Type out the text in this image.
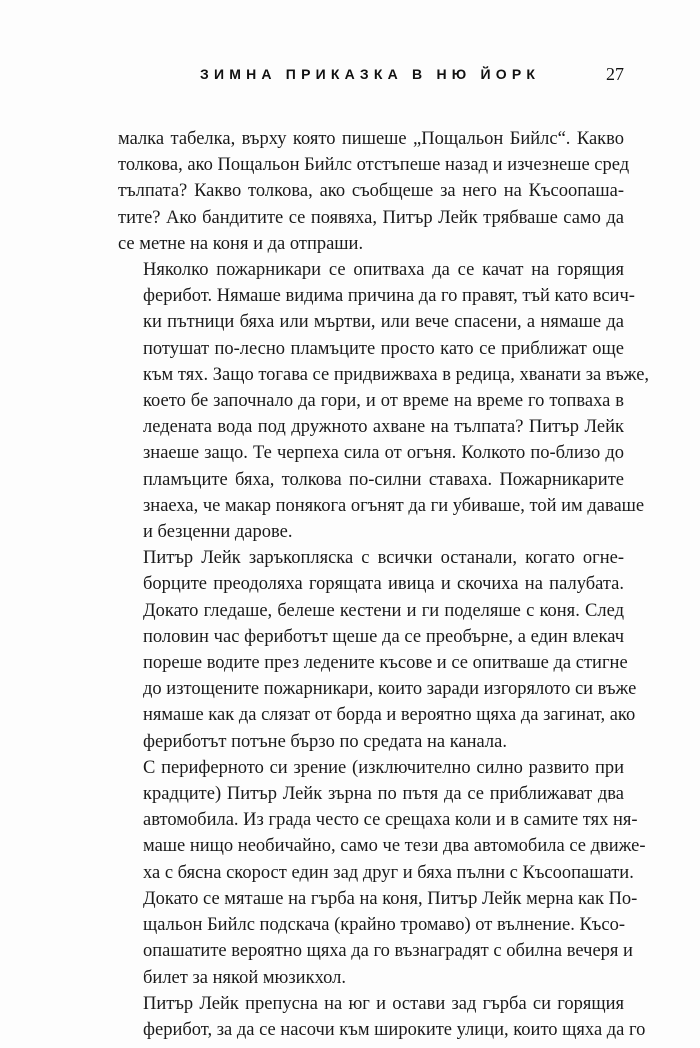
ЗИМНА ПРИКАЗКА В НЮ ЙОРК	27

малка табелка, върху която пишеше „Пощальон Бийлс“. Какво
толкова, ако Пощальон Бийлс отстъпеше назад и изчезнеше сред
тълпата? Какво толкова, ако съобщеше за него на Късоопаша-
тите? Ако бандитите се появяха, Питър Лейк трябваше само да
се метне на коня и да отпраши.

Няколко пожарникари се опитваха да се качат на горящия
ферибот. Нямаше видима причина да го правят, тъй като всич-
ки пътници бяха или мъртви, или вече спасени, а нямаше да
потушат по-лесно пламъците просто като се приближат още
към тях. Защо тогава се придвижваха в редица, хванати за въже,
което бе започнало да гори, и от време на време го топваха в
ледената вода под дружното ахване на тълпата? Питър Лейк
знаеше защо. Те черпеха сила от огъня. Колкото по-близо до
пламъците бяха, толкова по-силни ставаха. Пожарникарите
знаеха, че макар понякога огънят да ги убиваше, той им даваше
и безценни дарове.

Питър Лейк заръкопляска с всички останали, когато огне-
борците преодоляха горящата ивица и скочиха на палубата.
Докато гледаше, белеше кестени и ги поделяше с коня. След
половин час фериботът щеше да се преобърне, а един влекач
пореше водите през ледените късове и се опитваше да стигне
до изтощените пожарникари, които заради изгорялото си въже
нямаше как да слязат от борда и вероятно щяха да загинат, ако
фериботът потъне бързо по средата на канала.

С периферното си зрение (изключително силно развито при
крадците) Питър Лейк зърна по пътя да се приближават два
автомобила. Из града често се срещаха коли и в самите тях ня-
маше нищо необичайно, само че тези два автомобила се движе-
ха с бясна скорост един зад друг и бяха пълни с Късоопашати.
Докато се мяташе на гърба на коня, Питър Лейк мерна как По-
щальон Бийлс подскача (крайно тромаво) от вълнение. Късо-
опашатите вероятно щяха да го възнаградят с обилна вечеря и
билет за някой мюзикхол.

Питър Лейк препусна на юг и остави зад гърба си горящия
ферибот, за да се насочи към широките улици, които щяха да го
